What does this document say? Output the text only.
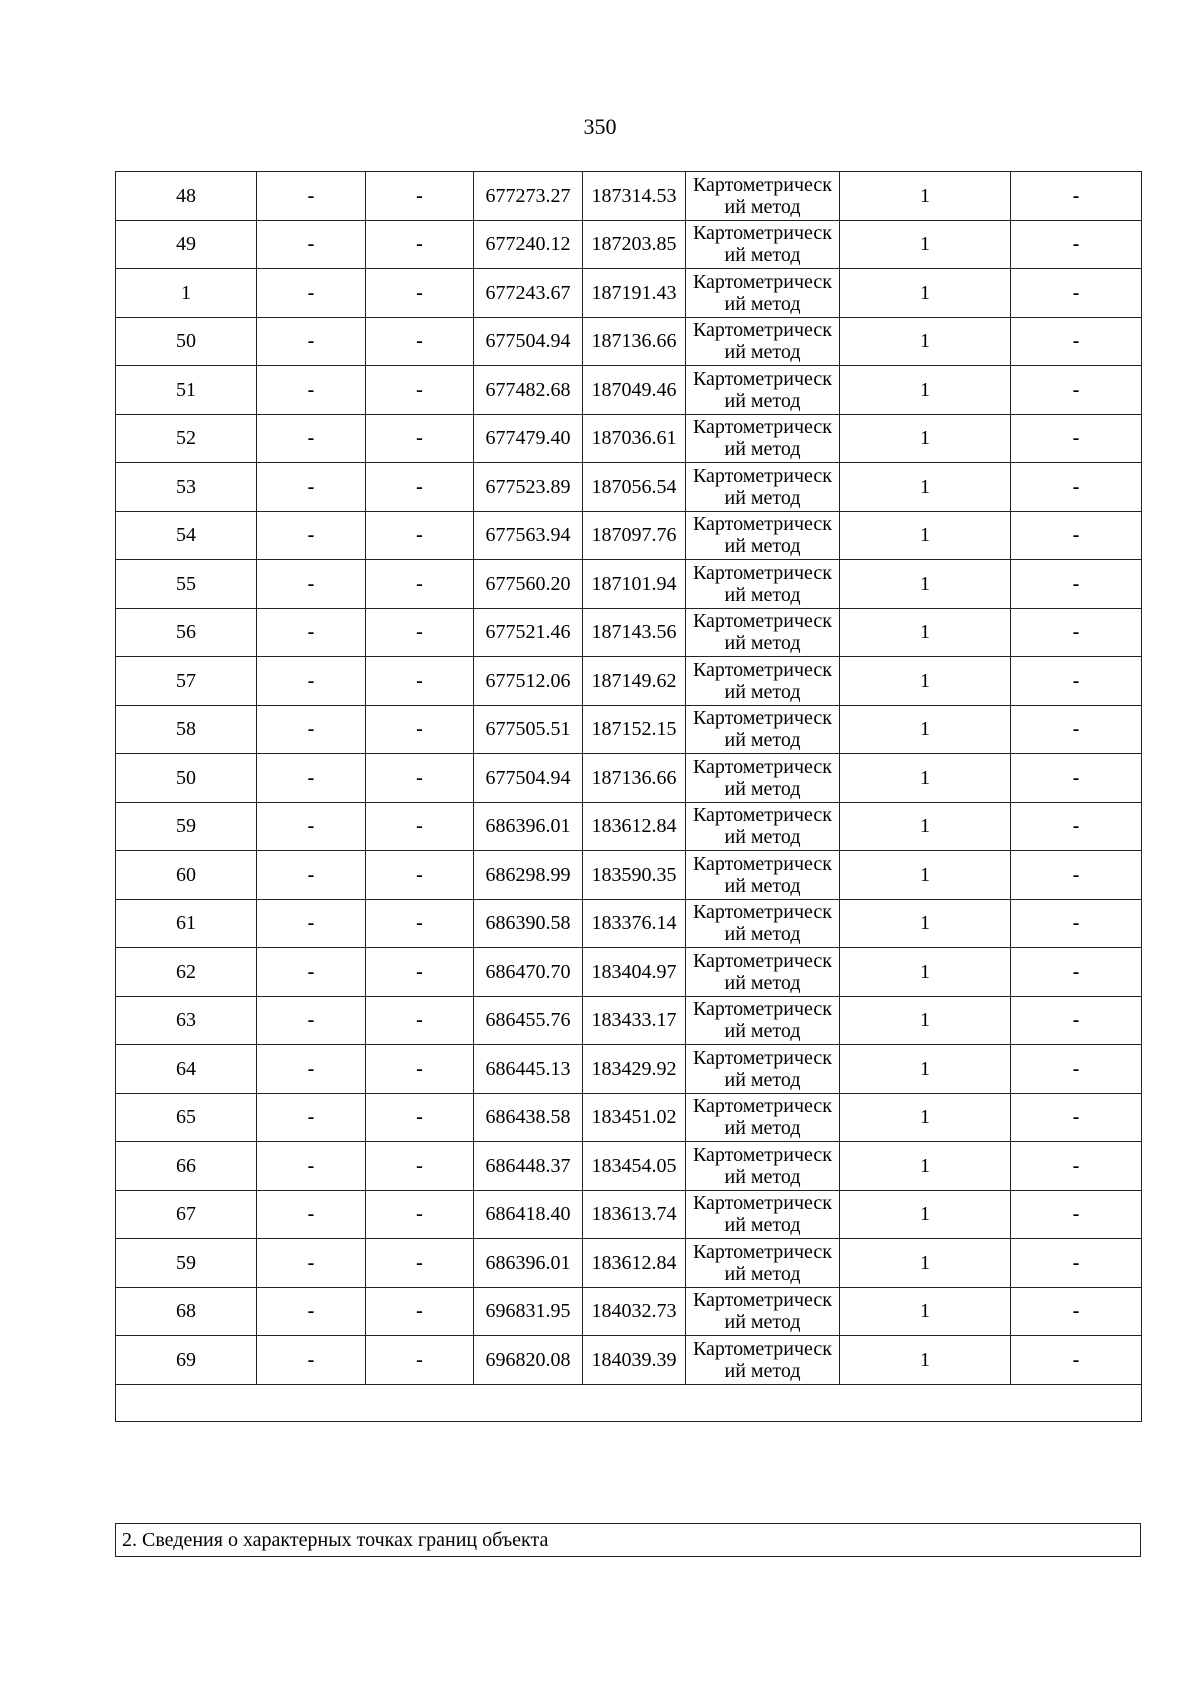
350
48	-	-	677273.27	187314.53	Картометрический метод	1	-
49	-	-	677240.12	187203.85	Картометрический метод	1	-
1	-	-	677243.67	187191.43	Картометрический метод	1	-
50	-	-	677504.94	187136.66	Картометрический метод	1	-
51	-	-	677482.68	187049.46	Картометрический метод	1	-
52	-	-	677479.40	187036.61	Картометрический метод	1	-
53	-	-	677523.89	187056.54	Картометрический метод	1	-
54	-	-	677563.94	187097.76	Картометрический метод	1	-
55	-	-	677560.20	187101.94	Картометрический метод	1	-
56	-	-	677521.46	187143.56	Картометрический метод	1	-
57	-	-	677512.06	187149.62	Картометрический метод	1	-
58	-	-	677505.51	187152.15	Картометрический метод	1	-
50	-	-	677504.94	187136.66	Картометрический метод	1	-
59	-	-	686396.01	183612.84	Картометрический метод	1	-
60	-	-	686298.99	183590.35	Картометрический метод	1	-
61	-	-	686390.58	183376.14	Картометрический метод	1	-
62	-	-	686470.70	183404.97	Картометрический метод	1	-
63	-	-	686455.76	183433.17	Картометрический метод	1	-
64	-	-	686445.13	183429.92	Картометрический метод	1	-
65	-	-	686438.58	183451.02	Картометрический метод	1	-
66	-	-	686448.37	183454.05	Картометрический метод	1	-
67	-	-	686418.40	183613.74	Картометрический метод	1	-
59	-	-	686396.01	183612.84	Картометрический метод	1	-
68	-	-	696831.95	184032.73	Картометрический метод	1	-
69	-	-	696820.08	184039.39	Картометрический метод	1	-

2. Сведения о характерных точках границ объекта
